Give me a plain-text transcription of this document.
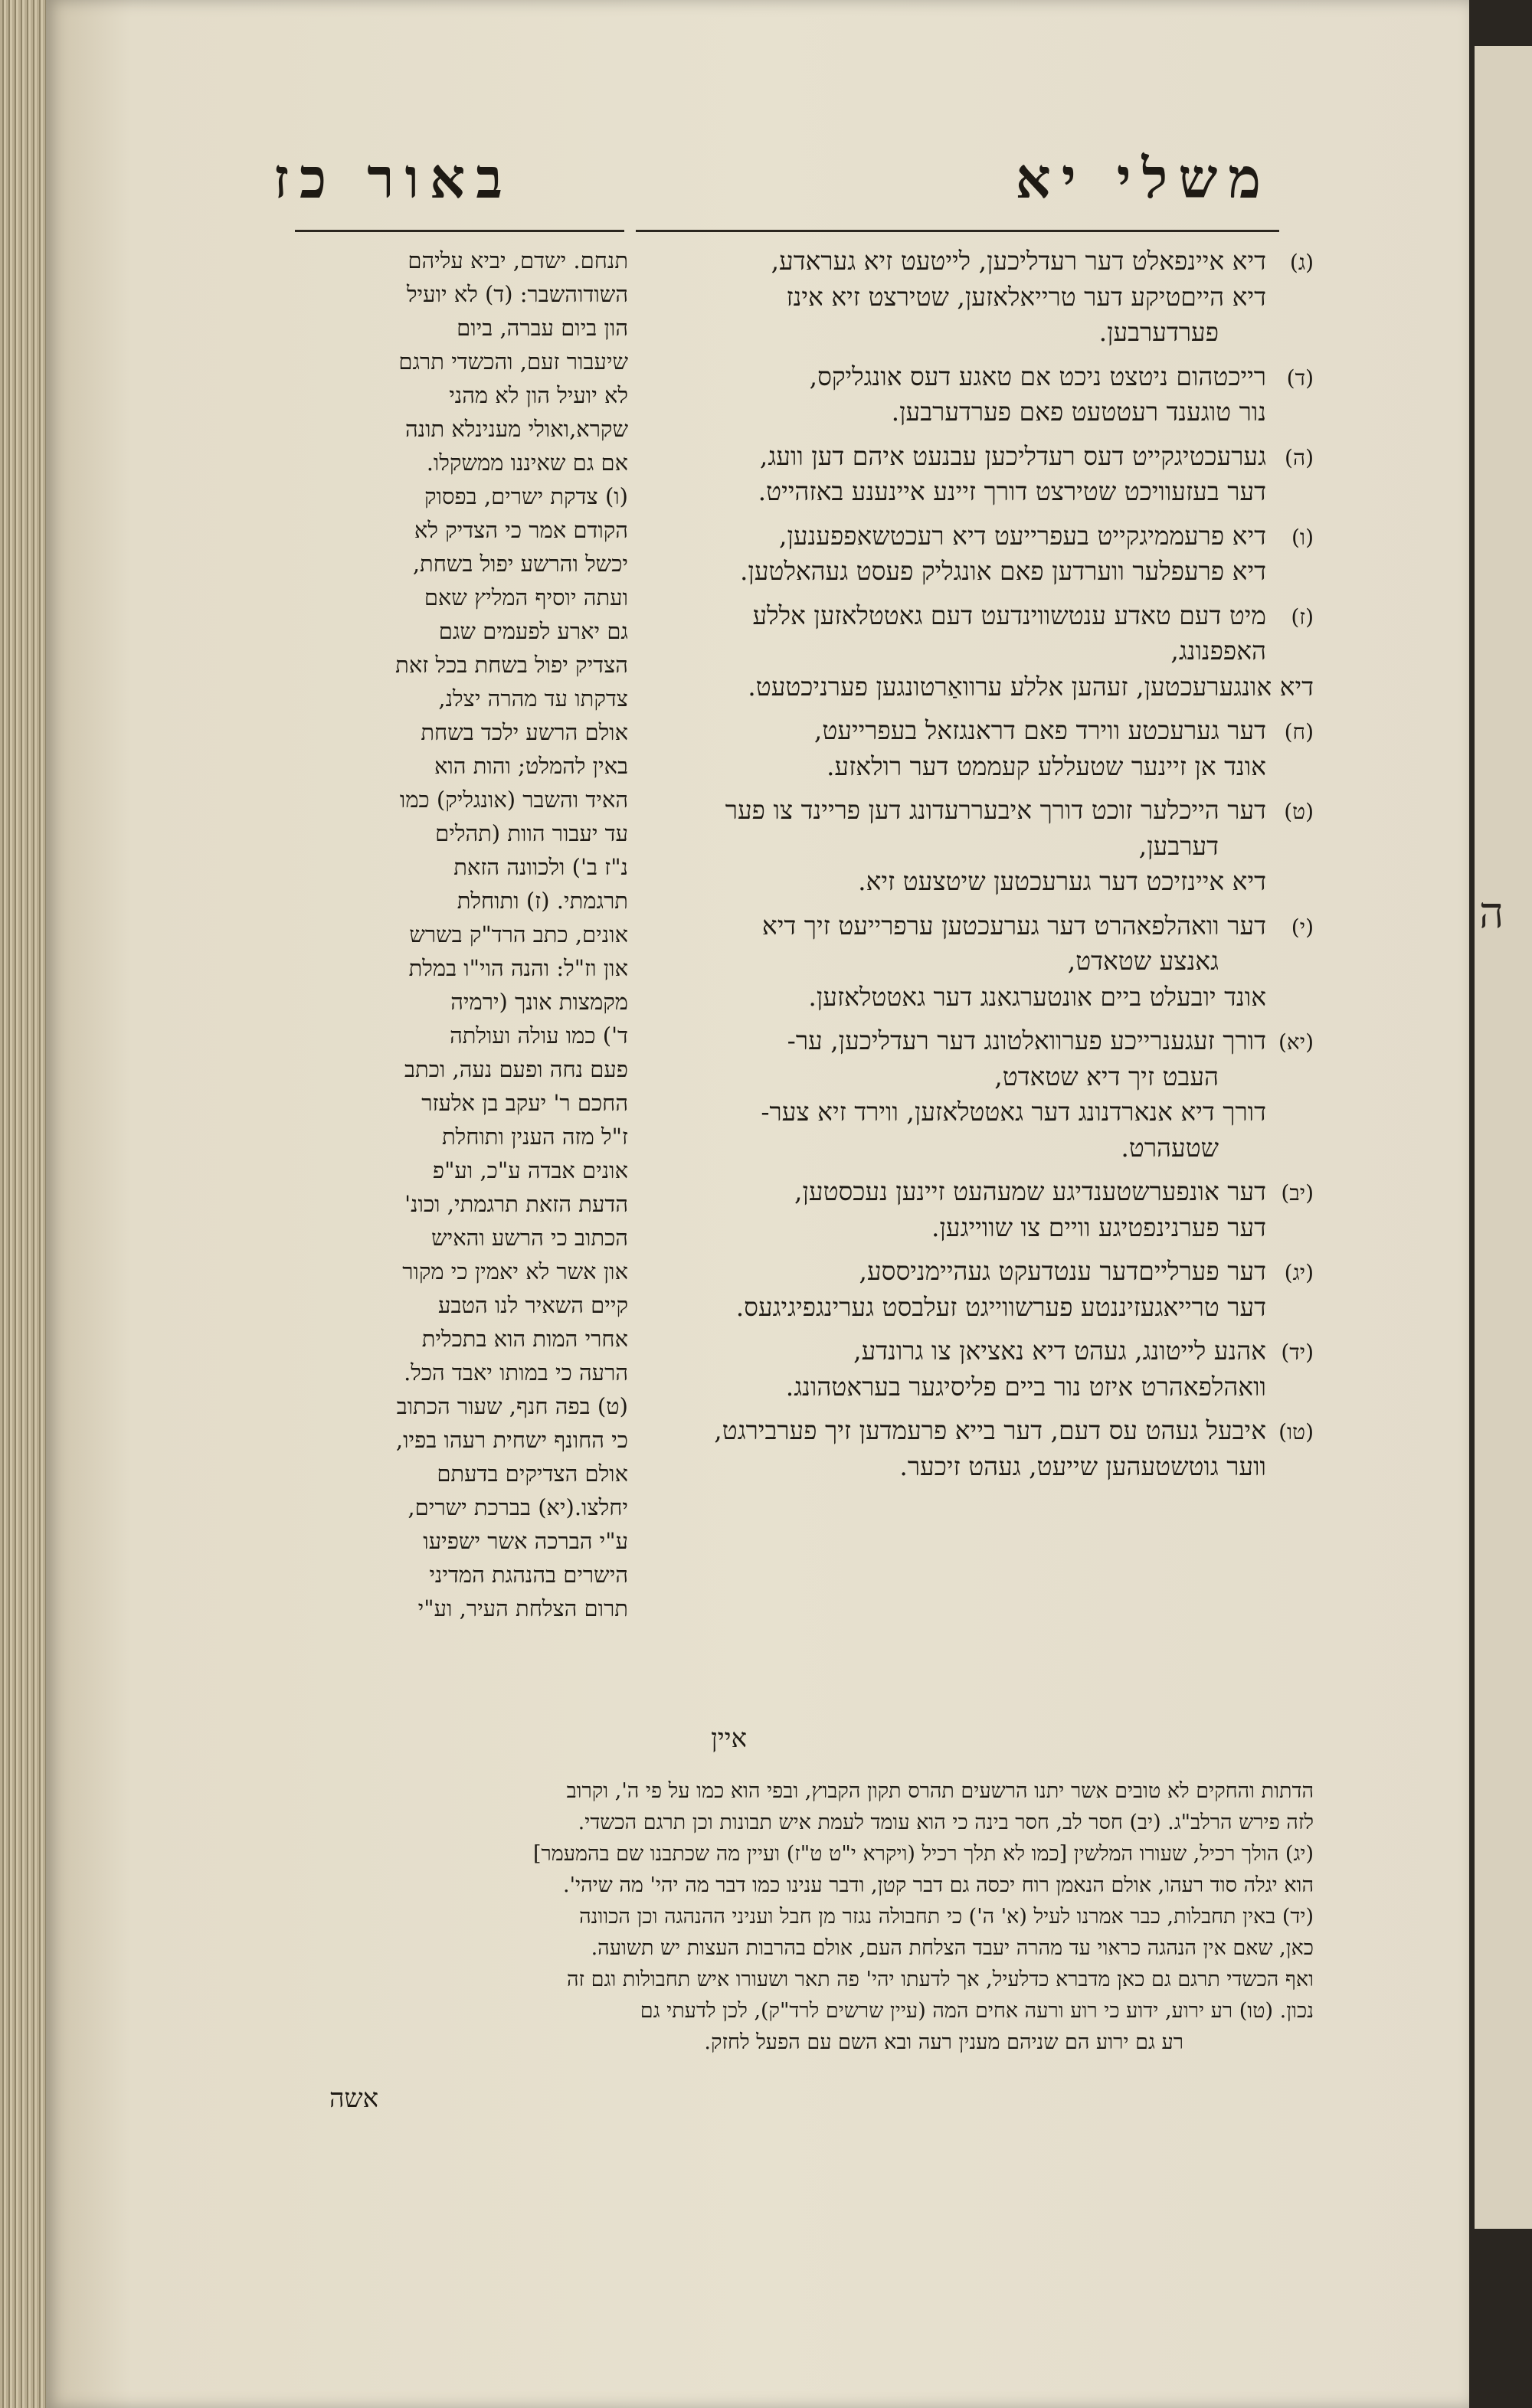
ה
משלי יא
באור כז
(ג)
דיא איינפאלט דער רעדליכען, לייטעט זיא געראדע,
דיא הייםטיקע דער טרייאלאזען, שטירצט זיא אינז
פערדערבען.
(ד)
רייכטהום ניטצט ניכט אם טאגע דעס אונגליקס,
נור טוגענד רעטטעט פאם פערדערבען.
(ה)
גערעכטיגקייט דעס רעדליכען עבנעט איהם דען וועג,
דער בעזעוויכט שטירצט דורך זיינע איינענע באזהייט.
(ו)
דיא פרעממיגקייט בעפרייעט דיא רעכטשאפפענען,
דיא פרעפלער ווערדען פאם אונגליק פעסט געהאלטען.
(ז)
מיט דעם טאדע ענטשווינדעט דעם גאטטלאזען אללע
האפפנונג,
דיא אונגערעכטען, זעהען אללע ערוואַרטונגען פערניכטעט.
(ח)
דער גערעכטע ווירד פאם דראנגזאל בעפרייעט,
אונד אן זיינער שטעללע קעממט דער רולאזע.
(ט)
דער הייכלער זוכט דורך איבעררעדונג דען פריינד צו פער
דערבען,
דיא איינזיכט דער גערעכטען שיטצעט זיא.
(י)
דער וואהלפאהרט דער גערעכטען ערפרייעט זיך דיא
גאנצע שטאדט,
אונד יובעלט ביים אונטערגאנג דער גאטטלאזען.
(יא)
דורך זעגענרייכע פערוואלטונג דער רעדליכען, ער-
העבט זיך דיא שטאדט,
דורך דיא אנארדנונג דער גאטטלאזען, ווירד זיא צער-
שטעהרט.
(יב)
דער אונפערשטענדיגע שמעהעט זיינען נעכסטען,
דער פערנינפטיגע וויים צו שווייגען.
(יג)
דער פערלייםדער ענטדעקט געהיימניססע,
דער טרייאגעזיננטע פערשווייגט זעלבסט גערינגפיגיגעס.
(יד)
אהנע לייטונג, געהט דיא נאציאן צו גרונדע,
וואהלפאהרט איזט נור ביים פליסיגער בעראטהונג.
(טו)
איבעל געהט עס דעם, דער בייא פרעמדען זיך פערבירגט,
ווער גוטשטעהען שייעט, געהט זיכער.
איין
תנחם. ישדם, יביא עליהם
השודוהשבר: (ד) לא יועיל
הון ביום עברה, ביום
שיעבור זעם, והכשדי תרגם
לא יועיל הון לא מהני
שקרא,ואולי מענינלא תונה
אם גם שאיננו ממשקלו.
(ו) צדקת ישרים, בפסוק
הקודם אמר כי הצדיק לא
יכשל והרשע יפול בשחת,
ועתה יוסיף המליץ שאם
גם יארע לפעמים שגם
הצדיק יפול בשחת בכל זאת
צדקתו עד מהרה יצלנ,
אולם הרשע ילכד בשחת
באין להמלט; והות הוא
האיד והשבר (אונגליק) כמו
עד יעבור הוות (תהלים
נ"ז ב') ולכוונה הזאת
תרגמתי. (ז) ותוחלת
אונים, כתב הרד"ק בשרש
און וז"ל: והנה הוי"ו במלת
מקמצות אונך (ירמיה
ד') כמו עולה ועולתה
פעם נחה ופעם נעה, וכתב
החכם ר' יעקב בן אלעזר
ז"ל מזה הענין ותוחלת
אונים אבדה ע"כ, וע"פ
הדעת הזאת תרגמתי, וכונ'
הכתוב כי הרשע והאיש
און אשר לא יאמין כי מקור
קיים השאיר לנו הטבע
אחרי המות הוא בתכלית
הרעה כי במותו יאבד הכל.
(ט) בפה חנף, שעור הכתוב
כי החונף ישחית רעהו בפיו,
אולם הצדיקים בדעתם
יחלצו.(יא) בברכת ישרים,
ע"י הברכה אשר ישפיעו
הישרים בהנהגת המדיני
תרום הצלחת העיר, וע"י
הדתות והחקים לא טובים אשר יתנו הרשעים תהרס תקון הקבוץ, ובפי הוא כמו על פי ה', וקרוב
לזה פירש הרלב"ג. (יב) חסר לב, חסר בינה כי הוא עומד לעמת איש תבונות וכן תרגם הכשדי.
(יג) הולך רכיל, שעורו המלשין [כמו לא תלך רכיל (ויקרא י"ט ט"ז) ועיין מה שכתבנו שם בהמעמר]
הוא יגלה סוד רעהו, אולם הנאמן רוח יכסה גם דבר קטן, ודבר ענינו כמו דבר מה יהי' מה שיהי'.
(יד) באין תחבלות, כבר אמרנו לעיל (א' ה') כי תחבולה נגזר מן חבל ועניני ההנהגה וכן הכוונה
כאן, שאם אין הנהגה כראוי עד מהרה יעבד הצלחת העם, אולם בהרבות העצות יש תשועה.
ואף הכשדי תרגם גם כאן מדברא כדלעיל, אך לדעתו יהי' פה תאר ושעורו איש תחבולות וגם זה
נכון. (טו) רע ירוע, ידוע כי רוע ורעה אחים המה (עיין שרשים לרד"ק), לכן לדעתי גם
רע גם ירוע הם שניהם מענין רעה ובא השם עם הפעל לחזק.
אשה
